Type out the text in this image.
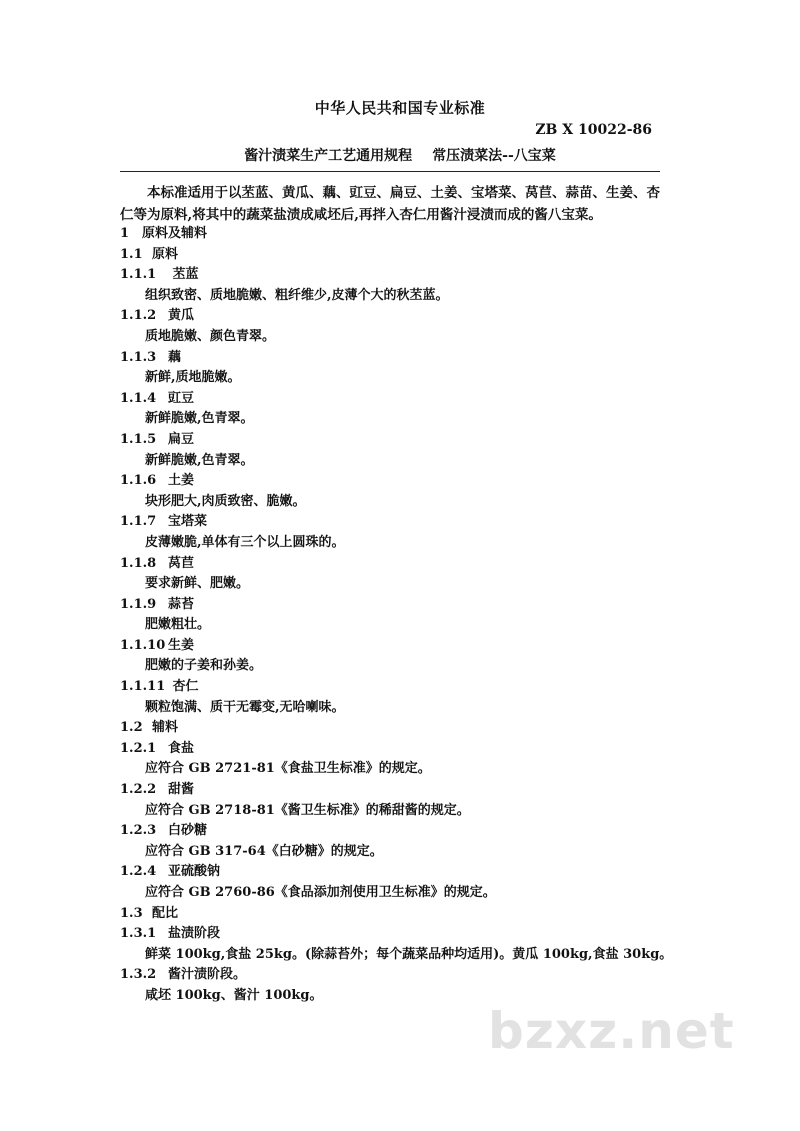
中华人民共和国专业标准
ZB X 10022-86
酱汁渍菜生产工艺通用规程 常压渍菜法--八宝菜
本标准适用于以苤蓝、黄瓜、藕、豇豆、扁豆、土姜、宝塔菜、莴苣、蒜苗、生姜、杏仁等为原料,将其中的蔬菜盐渍成咸坯后,再拌入杏仁用酱汁浸渍而成的酱八宝菜。
1 原料及辅料
1.1 原料
1.1.1 苤蓝
组织致密、质地脆嫩、粗纤维少,皮薄个大的秋苤蓝。
1.1.2 黄瓜
质地脆嫩、颜色青翠。
1.1.3 藕
新鲜,质地脆嫩。
1.1.4 豇豆
新鲜脆嫩,色青翠。
1.1.5 扁豆
新鲜脆嫩,色青翠。
1.1.6 土姜
块形肥大,肉质致密、脆嫩。
1.1.7 宝塔菜
皮薄嫩脆,单体有三个以上圆珠的。
1.1.8 莴苣
要求新鲜、肥嫩。
1.1.9 蒜苔
肥嫩粗壮。
1.1.10 生姜
肥嫩的子姜和孙姜。
1.1.11 杏仁
颗粒饱满、质干无霉变,无哈喇味。
1.2 辅料
1.2.1 食盐
应符合 GB 2721-81《食盐卫生标准》的规定。
1.2.2 甜酱
应符合 GB 2718-81《酱卫生标准》的稀甜酱的规定。
1.2.3 白砂糖
应符合 GB 317-64《白砂糖》的规定。
1.2.4 亚硫酸钠
应符合 GB 2760-86《食品添加剂使用卫生标准》的规定。
1.3 配比
1.3.1 盐渍阶段
鲜菜 100kg,食盐 25kg。(除蒜苔外；每个蔬菜品种均适用)。黄瓜 100kg,食盐 30kg。
1.3.2 酱汁渍阶段。
咸坯 100kg、酱汁 100kg。
bzxz.net
